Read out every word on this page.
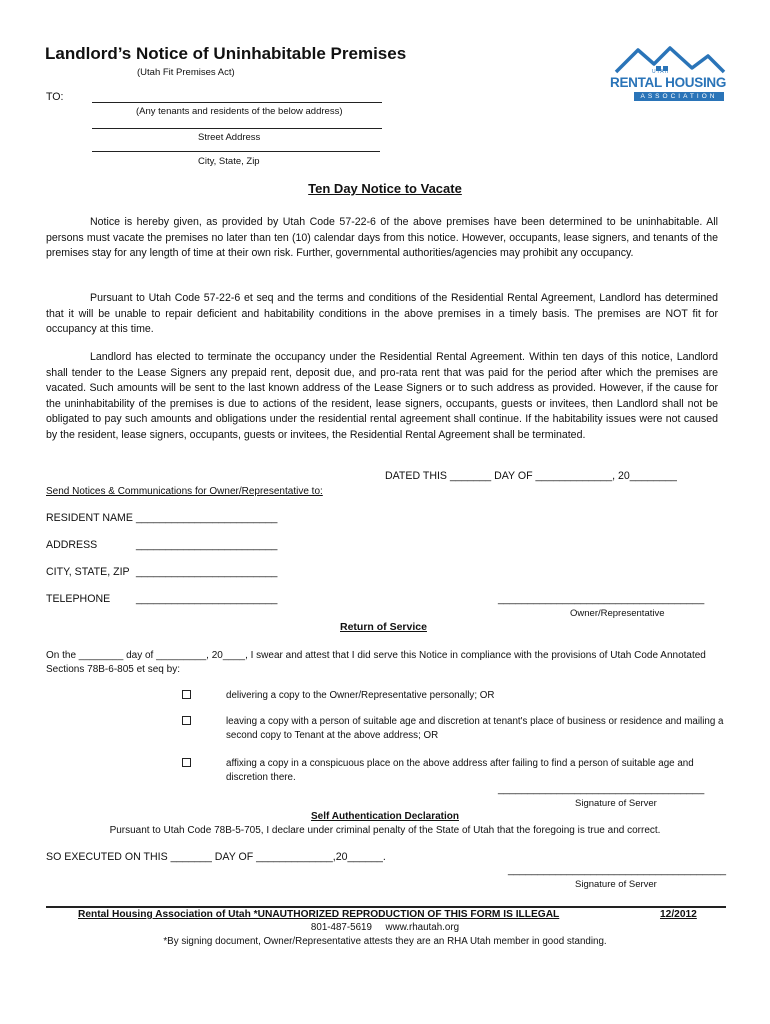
Landlord’s Notice of Uninhabitable Premises
(Utah Fit Premises Act)	UTAH
RENTAL HOUSING
ASSOCIATION
TO:
(Any tenants and residents of the below address)
Street Address
City, State, Zip
Ten Day Notice to Vacate

Notice is hereby given, as provided by Utah Code 57-22-6 of the above premises have been determined to be uninhabitable. All persons must vacate the premises no later than ten (10) calendar days from this notice. However, occupants, lease signers, and tenants of the premises stay for any length of time at their own risk. Further, governmental authorities/agencies may prohibit any occupancy.

Pursuant to Utah Code 57-22-6 et seq and the terms and conditions of the Residential Rental Agreement, Landlord has determined that it will be unable to repair deficient and habitability conditions in the above premises in a timely basis. The premises are NOT fit for occupancy at this time.

Landlord has elected to terminate the occupancy under the Residential Rental Agreement. Within ten days of this notice, Landlord shall tender to the Lease Signers any prepaid rent, deposit due, and pro-rata rent that was paid for the period after which the premises are vacated. Such amounts will be sent to the last known address of the Lease Signers or to such address as provided. However, if the cause for the uninhabitability of the premises is due to actions of the resident, lease signers, occupants, guests or invitees, then Landlord shall not be obligated to pay such amounts and obligations under the residential rental agreement shall continue. If the habitability issues were not caused by the resident, lease signers, occupants, guests or invitees, the Residential Rental Agreement shall be terminated.

DATED THIS _______ DAY OF _____________, 20________
Send Notices & Communications for Owner/Representative to:
RESIDENT NAME ________________________
ADDRESS	________________________
CITY, STATE, ZIP ________________________
TELEPHONE ________________________	___________________________________
Owner/Representative
Return of Service
On the ________ day of _________, 20____, I swear and attest that I did serve this Notice in compliance with the provisions of Utah Code Annotated Sections 78B-6-805 et seq by:
delivering a copy to the Owner/Representative personally; OR
leaving a copy with a person of suitable age and discretion at tenant's place of business or residence and mailing a second copy to Tenant at the above address; OR
affixing a copy in a conspicuous place on the above address after failing to find a person of suitable age and discretion there.
___________________________________
Signature of Server
Self Authentication Declaration
Pursuant to Utah Code 78B-5-705, I declare under criminal penalty of the State of Utah that the foregoing is true and correct.
SO EXECUTED ON THIS _______ DAY OF _____________,20______.
_____________________________________
Signature of Server
Rental Housing Association of Utah *UNAUTHORIZED REPRODUCTION OF THIS FORM IS ILLEGAL	12/2012
801-487-5619     www.rhautah.org
*By signing document, Owner/Representative attests they are an RHA Utah member in good standing.
